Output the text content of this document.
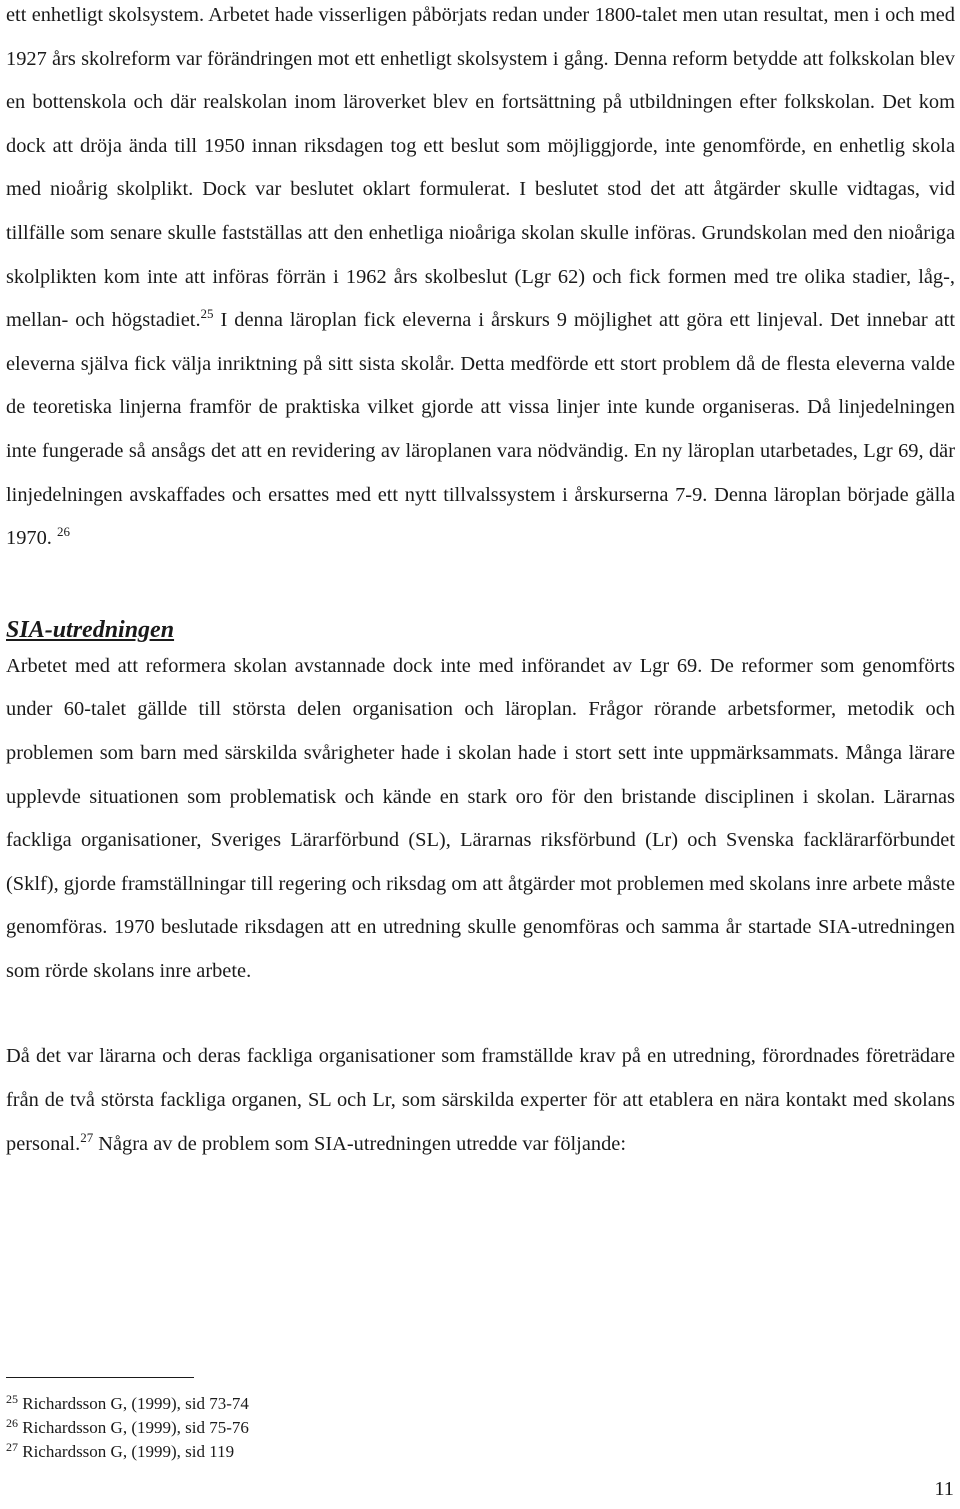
ett enhetligt skolsystem. Arbetet hade visserligen påbörjats redan under 1800-talet men utan resultat, men i och med 1927 års skolreform var förändringen mot ett enhetligt skolsystem i gång. Denna reform betydde att folkskolan blev en bottenskola och där realskolan inom läroverket blev en fortsättning på utbildningen efter folkskolan. Det kom dock att dröja ända till 1950 innan riksdagen tog ett beslut som möjliggjorde, inte genomförde, en enhetlig skola med nioårig skolplikt. Dock var beslutet oklart formulerat. I beslutet stod det att åtgärder skulle vidtagas, vid tillfälle som senare skulle fastställas att den enhetliga nioåriga skolan skulle införas. Grundskolan med den nioåriga skolplikten kom inte att införas förrän i 1962 års skolbeslut (Lgr 62) och fick formen med tre olika stadier, låg-, mellan- och högstadiet.$^{25}$ I denna läroplan fick eleverna i årskurs 9 möjlighet att göra ett linjeval. Det innebar att eleverna själva fick välja inriktning på sitt sista skolår. Detta medförde ett stort problem då de flesta eleverna valde de teoretiska linjerna framför de praktiska vilket gjorde att vissa linjer inte kunde organiseras. Då linjedelningen inte fungerade så ansågs det att en revidering av läroplanen vara nödvändig. En ny läroplan utarbetades, Lgr 69, där linjedelningen avskaffades och ersattes med ett nytt tillvalssystem i årskurserna 7-9. Denna läroplan började gälla 1970. $^{26}$

SIA-utredningen

Arbetet med att reformera skolan avstannade dock inte med införandet av Lgr 69. De reformer som genomförts under 60-talet gällde till största delen organisation och läroplan. Frågor rörande arbetsformer, metodik och problemen som barn med särskilda svårigheter hade i skolan hade i stort sett inte uppmärksammats. Många lärare upplevde situationen som problematisk och kände en stark oro för den bristande disciplinen i skolan. Lärarnas fackliga organisationer, Sveriges Lärarförbund (SL), Lärarnas riksförbund (Lr) och Svenska facklärarförbundet (Sklf), gjorde framställningar till regering och riksdag om att åtgärder mot problemen med skolans inre arbete måste genomföras. 1970 beslutade riksdagen att en utredning skulle genomföras och samma år startade SIA-utredningen som rörde skolans inre arbete.

Då det var lärarna och deras fackliga organisationer som framställde krav på en utredning, förordnades företrädare från de två största fackliga organen, SL och Lr, som särskilda experter för att etablera en nära kontakt med skolans personal.$^{27}$ Några av de problem som SIA-utredningen utredde var följande:

$^{25}$ Richardsson G, (1999), sid 73-74

$^{26}$ Richardsson G, (1999), sid 75-76

$^{27}$ Richardsson G, (1999), sid 119

11
